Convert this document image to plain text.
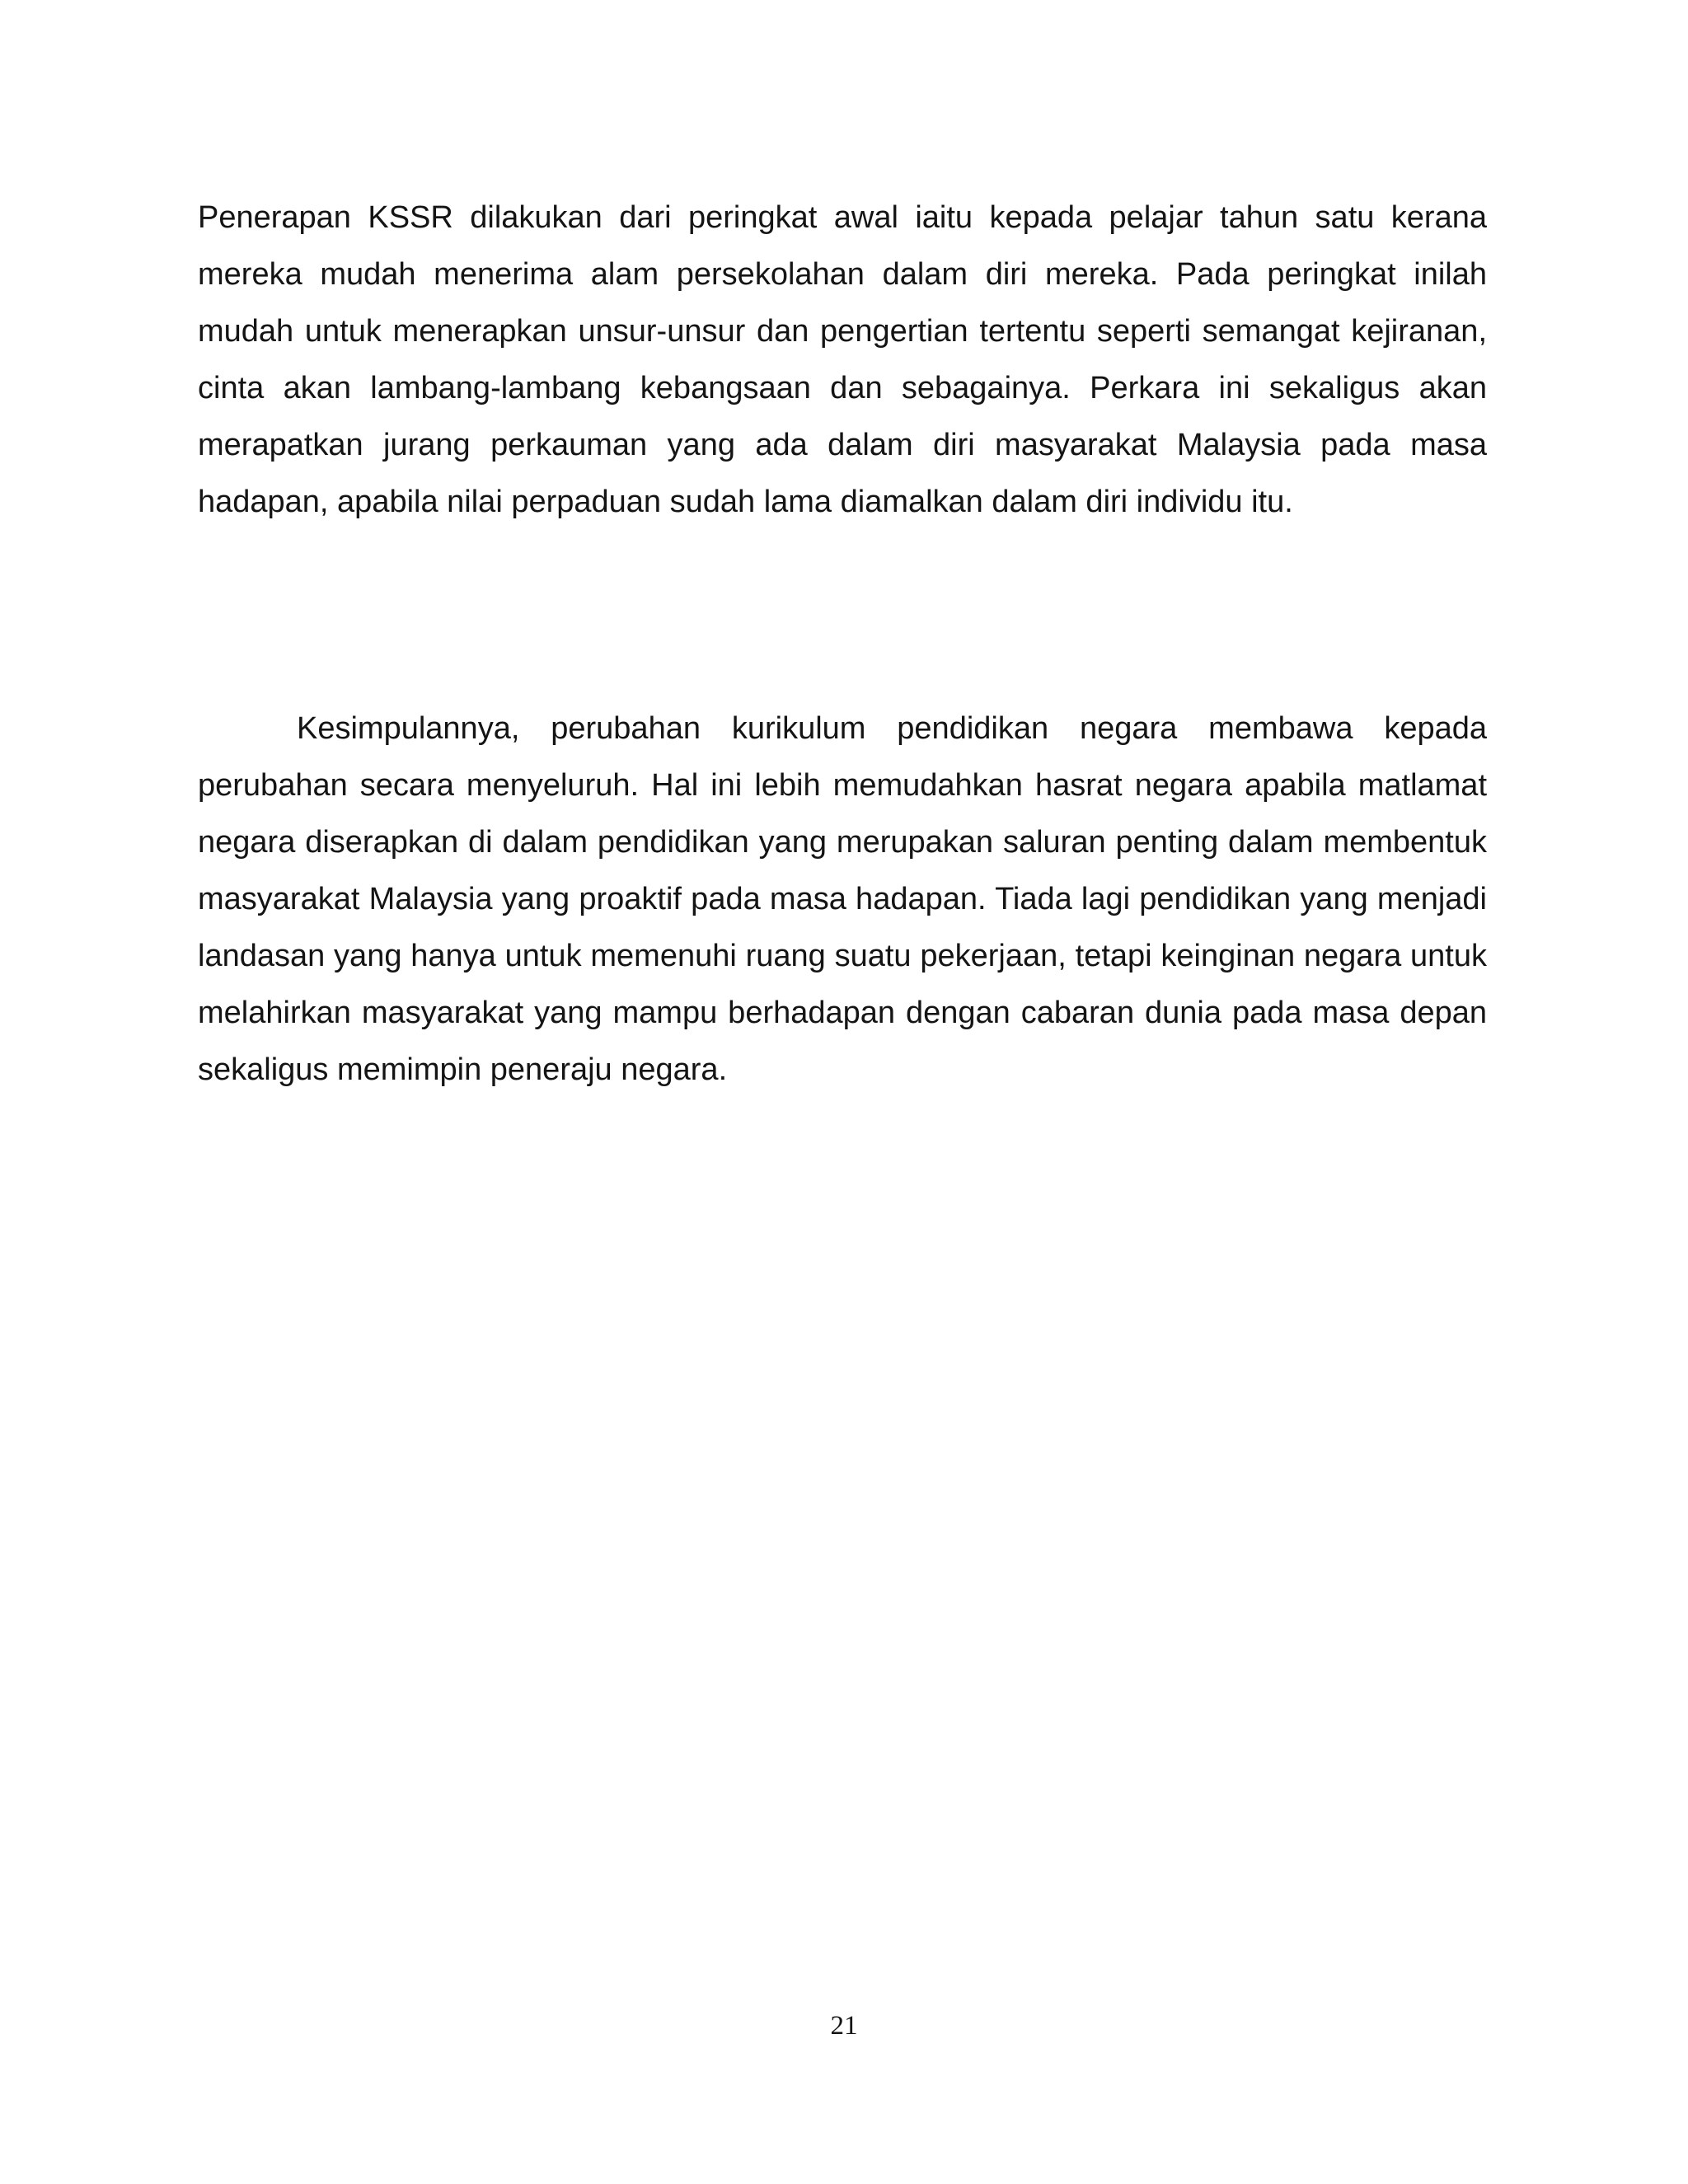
Penerapan KSSR dilakukan dari peringkat awal iaitu kepada pelajar tahun satu kerana mereka mudah menerima alam persekolahan dalam diri mereka. Pada peringkat inilah mudah untuk menerapkan unsur-unsur dan pengertian tertentu seperti semangat kejiranan, cinta akan lambang-lambang kebangsaan dan sebagainya. Perkara ini sekaligus akan merapatkan jurang perkauman yang ada dalam diri masyarakat Malaysia pada masa hadapan, apabila nilai perpaduan sudah lama diamalkan dalam diri individu itu.

Kesimpulannya, perubahan kurikulum pendidikan negara membawa kepada perubahan secara menyeluruh. Hal ini lebih memudahkan hasrat negara apabila matlamat negara diserapkan di dalam pendidikan yang merupakan saluran penting dalam membentuk masyarakat Malaysia yang proaktif pada masa hadapan. Tiada lagi pendidikan yang menjadi landasan yang hanya untuk memenuhi ruang suatu pekerjaan, tetapi keinginan negara untuk melahirkan masyarakat yang mampu berhadapan dengan cabaran dunia pada masa depan sekaligus memimpin peneraju negara.

21
